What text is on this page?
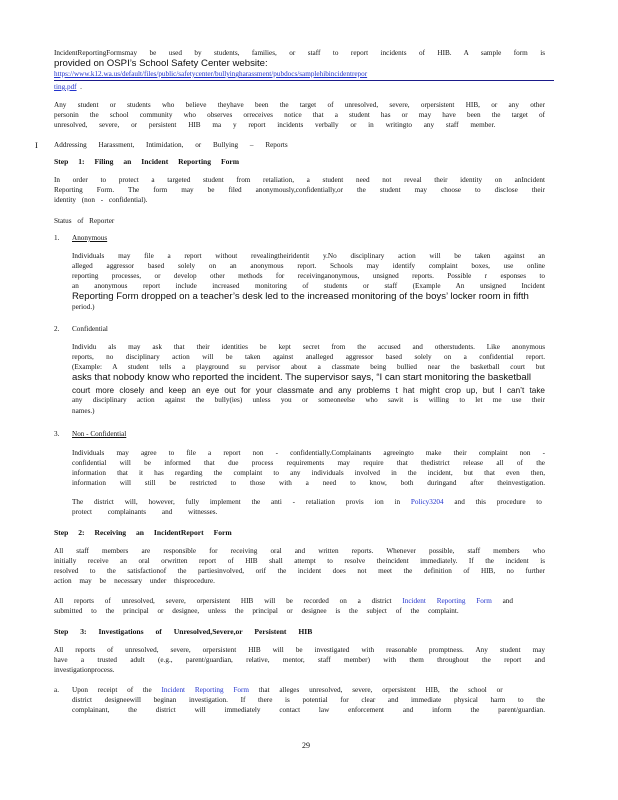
IncidentReportingFormsmay be used by students, families, or staff to report incidents of HIB. A sample form is
provided on OSPI’s School Safety Center website:
https://www.k12.wa.us/default/files/public/safetycenter/bullyingharassment/pubdocs/samplehibincidentrepor
ting.pdf .
Any student or students who believe theyhave been the target of unresolved, severe, orpersistent HIB, or any other
personin the school community who observes orreceives notice that a student has or may have been the target of
unresolved, severe, or persistent HIB ma y report incidents verbally or in writingto any staff member.
I	Addressing Harassment, Intimidation, or Bullying – Reports
Step 1: Filing an Incident Reporting Form
In order to protect a targeted student from retaliation, a student need not reveal their identity on anIncident
Reporting Form. The form may be filed anonymously,confidentially,or the student may choose to disclose their
identity (non - confidential).
Status of Reporter
1. Anonymous
Individuals may file a report without revealingtheiridentit y.No disciplinary action will be taken against an
alleged aggressor based solely on an anonymous report. Schools may identify complaint boxes, use online
reporting processes, or develop other methods for receivinganonymous, unsigned reports. Possible r esponses to
an anonymous report include increased monitoring of students or staff (Example An unsigned Incident
Reporting Form dropped on a teacher’s desk led to the increased monitoring of the boys’ locker room in fifth
period.)
2. Confidential
Individu als may ask that their identities be kept secret from the accused and otherstudents. Like anonymous
reports, no disciplinary action will be taken against analleged aggressor based solely on a confidential report.
(Example: A student tells a playground su pervisor about a classmate being bullied near the basketball court but
asks that nobody know who reported the incident. The supervisor says, “I can start monitoring the basketball
court more closely and keep an eye out for your classmate and any problems t hat might crop up, but I can’t take
any disciplinary action against the bully(ies) unless you or someoneelse who sawit is willing to let me use their
names.)
3. Non - Confidential
Individuals may agree to file a report non - confidentially.Complainants agreeingto make their complaint non -
confidential will be informed that due process requirements may require that thedistrict release all of the
information that it has regarding the complaint to any individuals involved in the incident, but that even then,
information will still be restricted to those with a need to know, both duringand after theinvestigation.
The district will, however, fully implement the anti - retaliation provis ion in Policy3204 and this procedure to
protect complainants and witnesses.
Step 2: Receiving an IncidentReport Form
All staff members are responsible for receiving oral and written reports. Whenever possible, staff members who
initially receive an oral orwritten report of HIB shall attempt to resolve theincident immediately. If the incident is
resolved to the satisfactionof the partiesinvolved, orif the incident does not meet the definition of HIB, no further
action may be necessary under thisprocedure.
All reports of unresolved, severe, orpersistent HIB will be recorded on a district Incident Reporting Form and
submitted to the principal or designee, unless the principal or designee is the subject of the complaint.
Step 3: Investigations of Unresolved,Severe,or Persistent HIB
All reports of unresolved, severe, orpersistent HIB will be investigated with reasonable promptness. Any student may
have a trusted adult (e.g., parent/guardian, relative, mentor, staff member) with them throughout the report and
investigationprocess.
a. Upon receipt of the Incident Reporting Form that alleges unresolved, severe, orpersistent HIB, the school or
district designeewill beginan investigation. If there is potential for clear and immediate physical harm to the
complainant, the district will immediately contact law enforcement and inform the parent/guardian.
29
